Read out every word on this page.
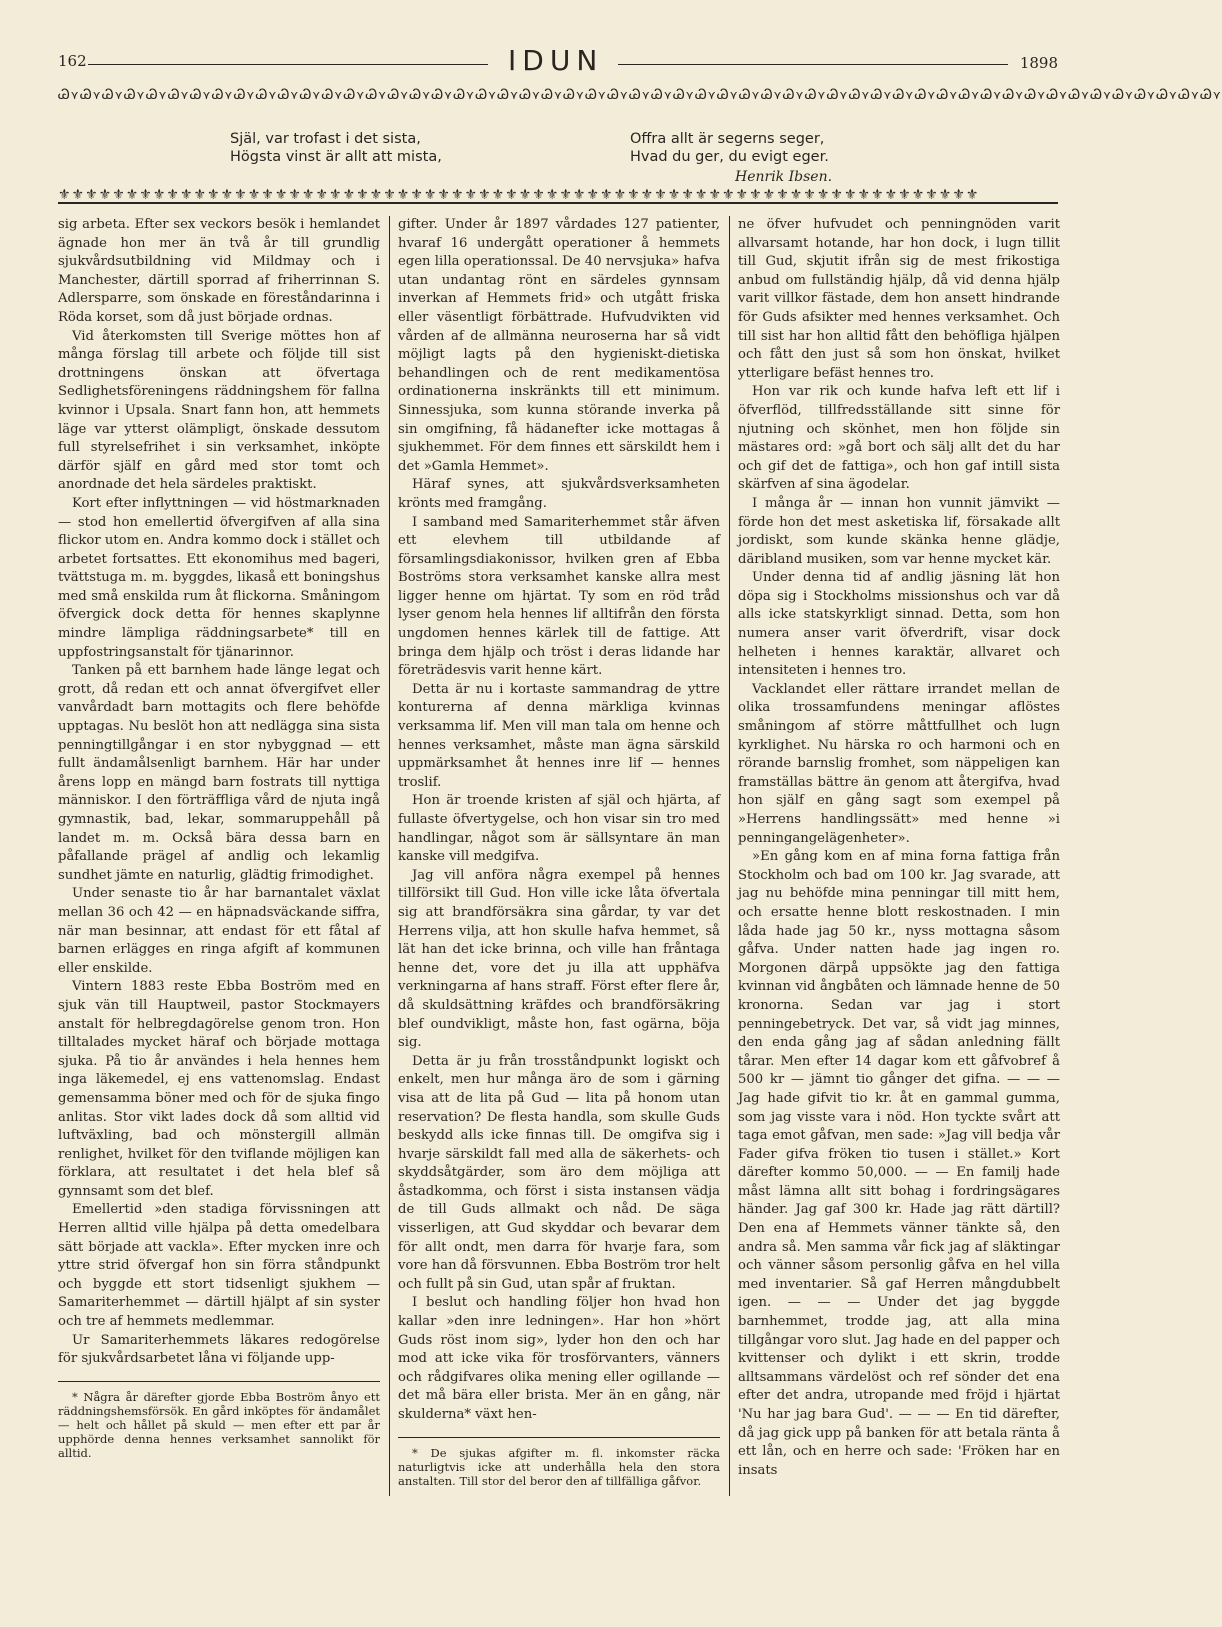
162	IDUN	1898
Ꮚ⋎Ꮚ⋎Ꮚ⋎Ꮚ⋎Ꮚ⋎Ꮚ⋎Ꮚ⋎Ꮚ⋎Ꮚ⋎Ꮚ⋎Ꮚ⋎Ꮚ⋎Ꮚ⋎Ꮚ⋎Ꮚ⋎Ꮚ⋎Ꮚ⋎Ꮚ⋎Ꮚ⋎Ꮚ⋎Ꮚ⋎Ꮚ⋎Ꮚ⋎Ꮚ⋎Ꮚ⋎Ꮚ⋎Ꮚ⋎Ꮚ⋎Ꮚ⋎Ꮚ⋎Ꮚ⋎Ꮚ⋎Ꮚ⋎Ꮚ⋎Ꮚ⋎Ꮚ⋎Ꮚ⋎Ꮚ⋎Ꮚ⋎Ꮚ⋎Ꮚ⋎Ꮚ⋎Ꮚ⋎Ꮚ⋎Ꮚ⋎Ꮚ⋎Ꮚ⋎Ꮚ⋎Ꮚ⋎Ꮚ⋎Ꮚ⋎Ꮚ⋎Ꮚ⋎
Själ, var trofast i det sista,
Högsta vinst är allt att mista,
Offra allt är segerns seger,
Hvad du ger, du evigt eger.
Henrik Ibsen.
⚜⚜⚜⚜⚜⚜⚜⚜⚜⚜⚜⚜⚜⚜⚜⚜⚜⚜⚜⚜⚜⚜⚜⚜⚜⚜⚜⚜⚜⚜⚜⚜⚜⚜⚜⚜⚜⚜⚜⚜⚜⚜⚜⚜⚜⚜⚜⚜⚜⚜⚜⚜⚜⚜⚜⚜⚜⚜⚜⚜⚜⚜⚜⚜⚜⚜⚜⚜

sig arbeta. Efter sex veckors besök i hemlandet ägnade hon mer än två år till grundlig sjukvårdsutbildning vid Mildmay och i Manchester, därtill sporrad af friherrinnan S. Adlersparre, som önskade en föreståndarinna i Röda korset, som då just började ordnas.

Vid återkomsten till Sverige möttes hon af många förslag till arbete och följde till sist drottningens önskan att öfvertaga Sedlighetsföreningens räddningshem för fallna kvinnor i Upsala. Snart fann hon, att hemmets läge var ytterst olämpligt, önskade dessutom full styrelsefrihet i sin verksamhet, inköpte därför själf en gård med stor tomt och anordnade det hela särdeles praktiskt.

Kort efter inflyttningen — vid höstmarknaden — stod hon emellertid öfvergifven af alla sina flickor utom en. Andra kommo dock i stället och arbetet fortsattes. Ett ekonomihus med bageri, tvättstuga m. m. byggdes, likaså ett boningshus med små enskilda rum åt flickorna. Småningom öfvergick dock detta för hennes skaplynne mindre lämpliga räddningsarbete* till en uppfostringsanstalt för tjänarinnor.

Tanken på ett barnhem hade länge legat och grott, då redan ett och annat öfvergifvet eller vanvårdadt barn mottagits och flere behöfde upptagas. Nu beslöt hon att nedlägga sina sista penningtillgångar i en stor nybyggnad — ett fullt ändamålsenligt barnhem. Här har under årens lopp en mängd barn fostrats till nyttiga människor. I den förträffliga vård de njuta ingå gymnastik, bad, lekar, sommaruppehåll på landet m. m. Också bära dessa barn en påfallande prägel af andlig och lekamlig sundhet jämte en naturlig, glädtig frimodighet.

Under senaste tio år har barnantalet växlat mellan 36 och 42 — en häpnadsväckande siffra, när man besinnar, att endast för ett fåtal af barnen erlägges en ringa afgift af kommunen eller enskilde.

Vintern 1883 reste Ebba Boström med en sjuk vän till Hauptweil, pastor Stockmayers anstalt för helbregdagörelse genom tron. Hon tilltalades mycket häraf och började mottaga sjuka. På tio år användes i hela hennes hem inga läkemedel, ej ens vattenomslag. Endast gemensamma böner med och för de sjuka fingo anlitas. Stor vikt lades dock då som alltid vid luftväxling, bad och mönstergill allmän renlighet, hvilket för den tviflande möjligen kan förklara, att resultatet i det hela blef så gynnsamt som det blef.

Emellertid »den stadiga förvissningen att Herren alltid ville hjälpa på detta omedelbara sätt började att vackla». Efter mycken inre och yttre strid öfvergaf hon sin förra ståndpunkt och byggde ett stort tidsenligt sjukhem — Samariterhemmet — därtill hjälpt af sin syster och tre af hemmets medlemmar.

Ur Samariterhemmets läkares redogörelse för sjukvårdsarbetet låna vi följande upp-

* Några år därefter gjorde Ebba Boström ånyo ett räddningshemsförsök. En gård inköptes för ändamålet — helt och hållet på skuld — men efter ett par år upphörde denna hennes verksamhet sannolikt för alltid.

gifter. Under år 1897 vårdades 127 patienter, hvaraf 16 undergått operationer å hemmets egen lilla operationssal. De 40 nervsjuka» hafva utan undantag rönt en särdeles gynnsam inverkan af Hemmets frid» och utgått friska eller väsentligt förbättrade. Hufvudvikten vid vården af de allmänna neuroserna har så vidt möjligt lagts på den hygieniskt-dietiska behandlingen och de rent medikamentösa ordinationerna inskränkts till ett minimum. Sinnessjuka, som kunna störande inverka på sin omgifning, få hädanefter icke mottagas å sjukhemmet. För dem finnes ett särskildt hem i det »Gamla Hemmet».

Häraf synes, att sjukvårdsverksamheten krönts med framgång.

I samband med Samariterhemmet står äfven ett elevhem till utbildande af församlingsdiakonissor, hvilken gren af Ebba Boströms stora verksamhet kanske allra mest ligger henne om hjärtat. Ty som en röd tråd lyser genom hela hennes lif alltifrån den första ungdomen hennes kärlek till de fattige. Att bringa dem hjälp och tröst i deras lidande har företrädesvis varit henne kärt.

Detta är nu i kortaste sammandrag de yttre konturerna af denna märkliga kvinnas verksamma lif. Men vill man tala om henne och hennes verksamhet, måste man ägna särskild uppmärksamhet åt hennes inre lif — hennes troslif.

Hon är troende kristen af själ och hjärta, af fullaste öfvertygelse, och hon visar sin tro med handlingar, något som är sällsyntare än man kanske vill medgifva.

Jag vill anföra några exempel på hennes tillförsikt till Gud. Hon ville icke låta öfvertala sig att brandförsäkra sina gårdar, ty var det Herrens vilja, att hon skulle hafva hemmet, så lät han det icke brinna, och ville han fråntaga henne det, vore det ju illa att upphäfva verkningarna af hans straff. Först efter flere år, då skuldsättning kräfdes och brandförsäkring blef oundvikligt, måste hon, fast ogärna, böja sig.

Detta är ju från trosståndpunkt logiskt och enkelt, men hur många äro de som i gärning visa att de lita på Gud — lita på honom utan reservation? De flesta handla, som skulle Guds beskydd alls icke finnas till. De omgifva sig i hvarje särskildt fall med alla de säkerhets- och skyddsåtgärder, som äro dem möjliga att åstadkomma, och först i sista instansen vädja de till Guds allmakt och nåd. De säga visserligen, att Gud skyddar och bevarar dem för allt ondt, men darra för hvarje fara, som vore han då försvunnen. Ebba Boström tror helt och fullt på sin Gud, utan spår af fruktan.

I beslut och handling följer hon hvad hon kallar »den inre ledningen». Har hon »hört Guds röst inom sig», lyder hon den och har mod att icke vika för trosförvanters, vänners och rådgifvares olika mening eller ogillande — det må bära eller brista. Mer än en gång, när skulderna* växt hen-

* De sjukas afgifter m. fl. inkomster räcka naturligtvis icke att underhålla hela den stora anstalten. Till stor del beror den af tillfälliga gåfvor.

ne öfver hufvudet och penningnöden varit allvarsamt hotande, har hon dock, i lugn tillit till Gud, skjutit ifrån sig de mest frikostiga anbud om fullständig hjälp, då vid denna hjälp varit villkor fästade, dem hon ansett hindrande för Guds afsikter med hennes verksamhet. Och till sist har hon alltid fått den behöfliga hjälpen och fått den just så som hon önskat, hvilket ytterligare befäst hennes tro.

Hon var rik och kunde hafva left ett lif i öfverflöd, tillfredsställande sitt sinne för njutning och skönhet, men hon följde sin mästares ord: »gå bort och sälj allt det du har och gif det de fattiga», och hon gaf intill sista skärfven af sina ägodelar.

I många år — innan hon vunnit jämvikt — förde hon det mest asketiska lif, försakade allt jordiskt, som kunde skänka henne glädje, däribland musiken, som var henne mycket kär.

Under denna tid af andlig jäsning lät hon döpa sig i Stockholms missionshus och var då alls icke statskyrkligt sinnad. Detta, som hon numera anser varit öfverdrift, visar dock helheten i hennes karaktär, allvaret och intensiteten i hennes tro.

Vacklandet eller rättare irrandet mellan de olika trossamfundens meningar aflöstes småningom af större måttfullhet och lugn kyrklighet. Nu härska ro och harmoni och en rörande barnslig fromhet, som näppeligen kan framställas bättre än genom att återgifva, hvad hon själf en gång sagt som exempel på »Herrens handlingssätt» med henne »i penningangelägenheter».

»En gång kom en af mina forna fattiga från Stockholm och bad om 100 kr. Jag svarade, att jag nu behöfde mina penningar till mitt hem, och ersatte henne blott reskostnaden. I min låda hade jag 50 kr., nyss mottagna såsom gåfva. Under natten hade jag ingen ro. Morgonen därpå uppsökte jag den fattiga kvinnan vid ångbåten och lämnade henne de 50 kronorna. Sedan var jag i stort penningebetryck. Det var, så vidt jag minnes, den enda gång jag af sådan anledning fällt tårar. Men efter 14 dagar kom ett gåfvobref å 500 kr — jämnt tio gånger det gifna. — — — Jag hade gifvit tio kr. åt en gammal gumma, som jag visste vara i nöd. Hon tyckte svårt att taga emot gåfvan, men sade: »Jag vill bedja vår Fader gifva fröken tio tusen i stället.» Kort därefter kommo 50,000. — — En familj hade måst lämna allt sitt bohag i fordringsägares händer. Jag gaf 300 kr. Hade jag rätt därtill? Den ena af Hemmets vänner tänkte så, den andra så. Men samma vår fick jag af släktingar och vänner såsom personlig gåfva en hel villa med inventarier. Så gaf Herren mångdubbelt igen. — — — Under det jag byggde barnhemmet, trodde jag, att alla mina tillgångar voro slut. Jag hade en del papper och kvittenser och dylikt i ett skrin, trodde alltsammans värdelöst och ref sönder det ena efter det andra, utropande med fröjd i hjärtat 'Nu har jag bara Gud'. — — — En tid därefter, då jag gick upp på banken för att betala ränta å ett lån, och en herre och sade: 'Fröken har en insats
